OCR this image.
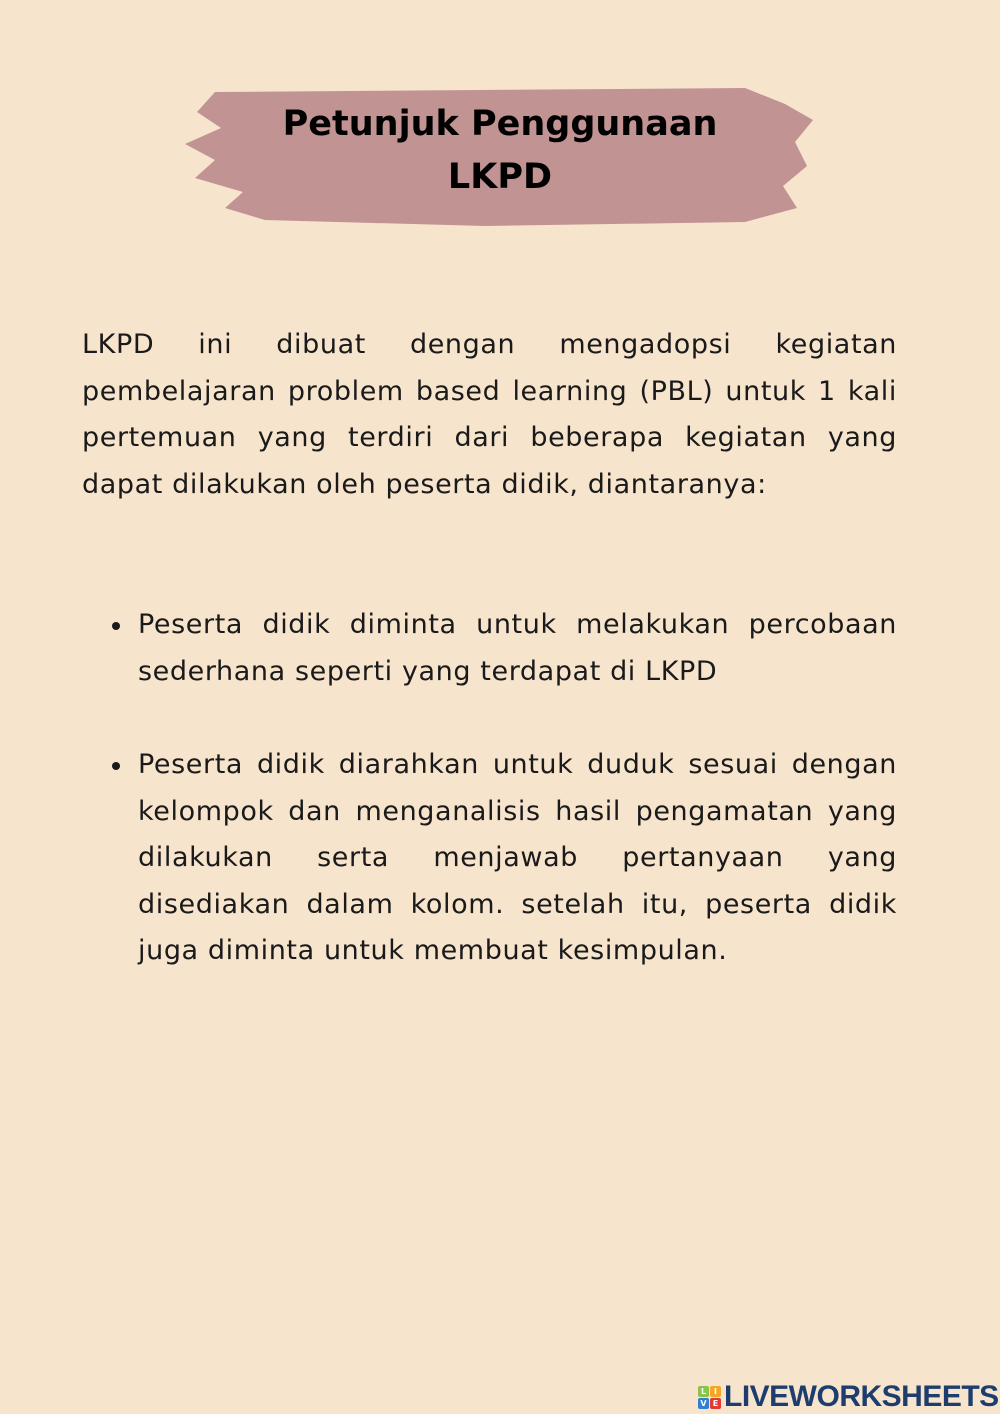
Petunjuk Penggunaan
LKPD

LKPD ini dibuat dengan mengadopsi kegiatan pembelajaran problem based learning (PBL) untuk 1 kali pertemuan yang terdiri dari beberapa kegiatan yang dapat dilakukan oleh peserta didik, diantaranya:

Peserta didik diminta untuk melakukan percobaan sederhana seperti yang terdapat di LKPD
Peserta didik diarahkan untuk duduk sesuai dengan kelompok dan menganalisis hasil pengamatan yang dilakukan serta menjawab pertanyaan yang disediakan dalam kolom. setelah itu, peserta didik juga diminta untuk membuat kesimpulan.
L I
V E LIVEWORKSHEETS
